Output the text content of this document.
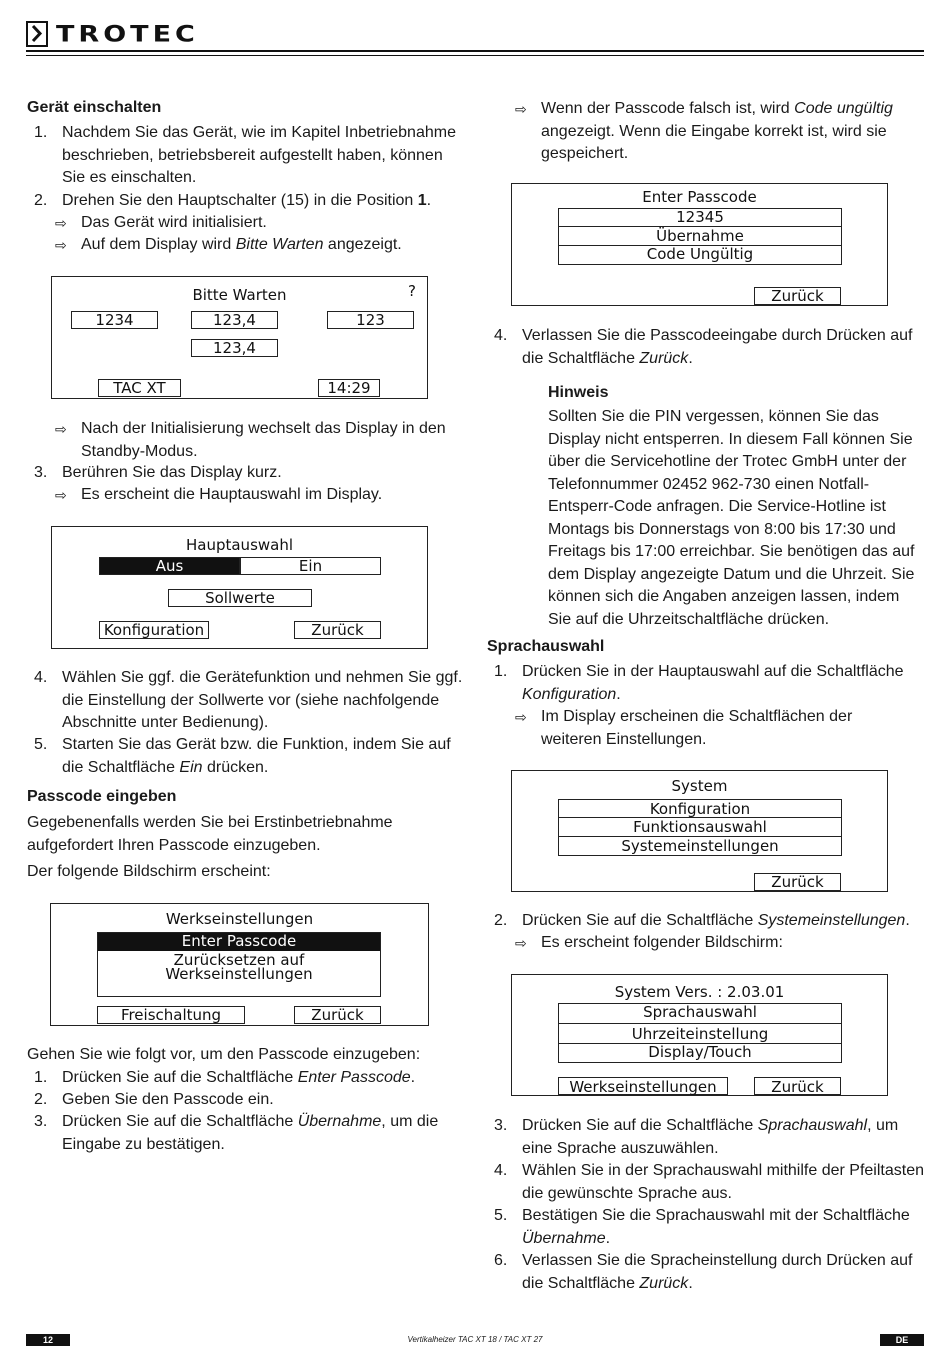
TROTEC
Gerät einschalten
1. Nachdem Sie das Gerät, wie im Kapitel Inbetriebnahme beschrieben, betriebsbereit aufgestellt haben, können Sie es einschalten.
2. Drehen Sie den Hauptschalter (15) in die Position 1.
⇨ Das Gerät wird initialisiert.
⇨ Auf dem Display wird Bitte Warten angezeigt.
Bitte Warten	?
1234	123,4	123
123,4
TAC XT	14:29
⇨ Nach der Initialisierung wechselt das Display in den Standby-Modus.
3. Berühren Sie das Display kurz.
⇨ Es erscheint die Hauptauswahl im Display.
Hauptauswahl
Aus	Ein
Sollwerte
Konfiguration	Zurück
4. Wählen Sie ggf. die Gerätefunktion und nehmen Sie ggf. die Einstellung der Sollwerte vor (siehe nachfolgende Abschnitte unter Bedienung).
5. Starten Sie das Gerät bzw. die Funktion, indem Sie auf die Schaltfläche Ein drücken.
Passcode eingeben
Gegebenenfalls werden Sie bei Erstinbetriebnahme aufgefordert Ihren Passcode einzugeben.
Der folgende Bildschirm erscheint:
Werkseinstellungen
Enter Passcode
Zurücksetzen auf
Werkseinstellungen
Freischaltung	Zurück
Gehen Sie wie folgt vor, um den Passcode einzugeben:
1. Drücken Sie auf die Schaltfläche Enter Passcode.
2. Geben Sie den Passcode ein.
3. Drücken Sie auf die Schaltfläche Übernahme, um die Eingabe zu bestätigen.
⇨ Wenn der Passcode falsch ist, wird Code ungültig angezeigt. Wenn die Eingabe korrekt ist, wird sie gespeichert.
Enter Passcode
12345
Übernahme
Code Ungültig
Zurück
4. Verlassen Sie die Passcodeeingabe durch Drücken auf die Schaltfläche Zurück.
Hinweis
Sollten Sie die PIN vergessen, können Sie das Display nicht entsperren. In diesem Fall können Sie über die Servicehotline der Trotec GmbH unter der Telefonnummer 02452 962-730 einen Notfall-Entsperr-Code anfragen. Die Service-Hotline ist Montags bis Donnerstags von 8:00 bis 17:30 und Freitags bis 17:00 erreichbar. Sie benötigen das auf dem Display angezeigte Datum und die Uhrzeit. Sie können sich die Angaben anzeigen lassen, indem Sie auf die Uhrzeitschaltfläche drücken.
Sprachauswahl
1. Drücken Sie in der Hauptauswahl auf die Schaltfläche Konfiguration.
⇨ Im Display erscheinen die Schaltflächen der weiteren Einstellungen.
System
Konfiguration
Funktionsauswahl
Systemeinstellungen
Zurück
2. Drücken Sie auf die Schaltfläche Systemeinstellungen.
⇨ Es erscheint folgender Bildschirm:
System Vers. : 2.03.01
Sprachauswahl
Uhrzeiteinstellung
Display/Touch
Werkseinstellungen	Zurück
3. Drücken Sie auf die Schaltfläche Sprachauswahl, um eine Sprache auszuwählen.
4. Wählen Sie in der Sprachauswahl mithilfe der Pfeiltasten die gewünschte Sprache aus.
5. Bestätigen Sie die Sprachauswahl mit der Schaltfläche Übernahme.
6. Verlassen Sie die Spracheinstellung durch Drücken auf die Schaltfläche Zurück.
Vertikalheizer TAC XT 18 / TAC XT 27
12	DE
